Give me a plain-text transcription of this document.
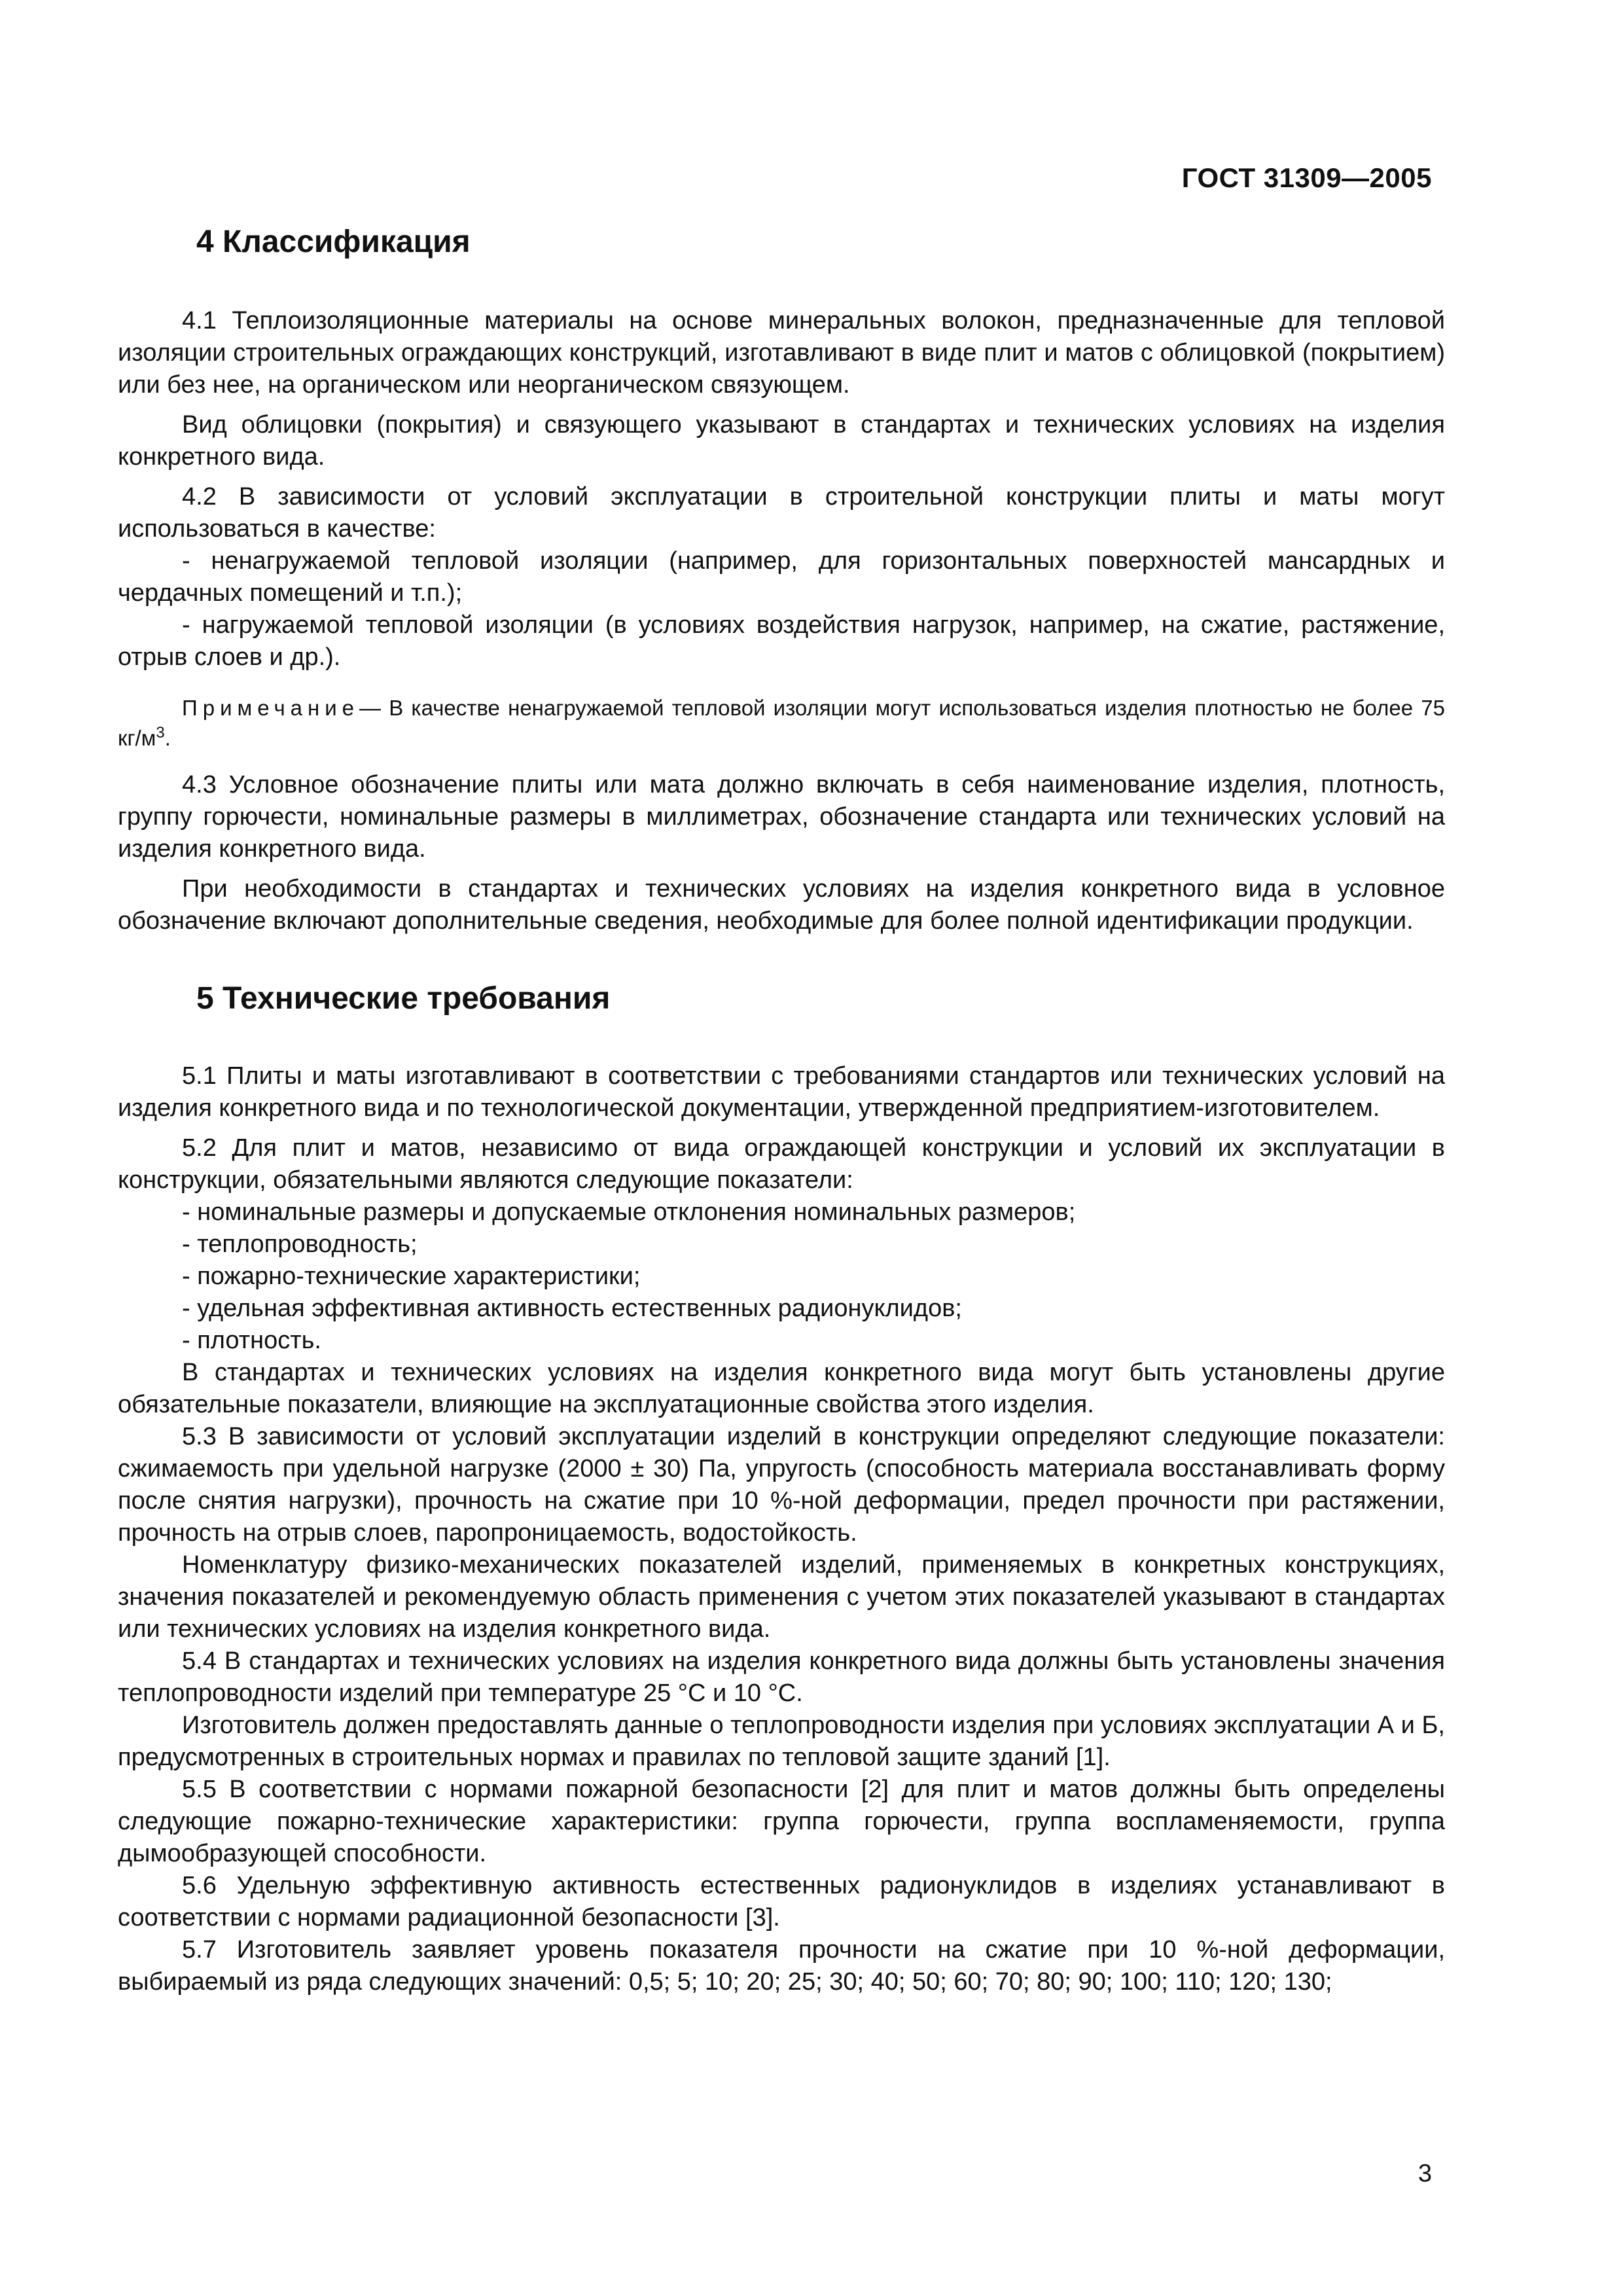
ГОСТ 31309—2005
4 Классификация

4.1 Теплоизоляционные материалы на основе минеральных волокон, предназначенные для тепловой изоляции строительных ограждающих конструкций, изготавливают в виде плит и матов с облицовкой (покрытием) или без нее, на органическом или неорганическом связующем.

Вид облицовки (покрытия) и связующего указывают в стандартах и технических условиях на изделия конкретного вида.

4.2 В зависимости от условий эксплуатации в строительной конструкции плиты и маты могут использоваться в качестве:

- ненагружаемой тепловой изоляции (например, для горизонтальных поверхностей мансардных и чердачных помещений и т.п.);

- нагружаемой тепловой изоляции (в условиях воздействия нагрузок, например, на сжатие, растяжение, отрыв слоев и др.).

Примечание— В качестве ненагружаемой тепловой изоляции могут использоваться изделия плотностью не более 75 $кг/м^3$.

4.3 Условное обозначение плиты или мата должно включать в себя наименование изделия, плотность, группу горючести, номинальные размеры в миллиметрах, обозначение стандарта или технических условий на изделия конкретного вида.

При необходимости в стандартах и технических условиях на изделия конкретного вида в условное обозначение включают дополнительные сведения, необходимые для более полной идентификации продукции.

5 Технические требования

5.1 Плиты и маты изготавливают в соответствии с требованиями стандартов или технических условий на изделия конкретного вида и по технологической документации, утвержденной предприятием-изготовителем.

5.2 Для плит и матов, независимо от вида ограждающей конструкции и условий их эксплуатации в конструкции, обязательными являются следующие показатели:

- номинальные размеры и допускаемые отклонения номинальных размеров;

- теплопроводность;

- пожарно-технические характеристики;

- удельная эффективная активность естественных радионуклидов;

- плотность.

В стандартах и технических условиях на изделия конкретного вида могут быть установлены другие обязательные показатели, влияющие на эксплуатационные свойства этого изделия.

5.3 В зависимости от условий эксплуатации изделий в конструкции определяют следующие показатели: сжимаемость при удельной нагрузке (2000 ± 30) Па, упругость (способность материала восстанавливать форму после снятия нагрузки), прочность на сжатие при 10 %-ной деформации, предел прочности при растяжении, прочность на отрыв слоев, паропроницаемость, водостойкость.

Номенклатуру физико-механических показателей изделий, применяемых в конкретных конструкциях, значения показателей и рекомендуемую область применения с учетом этих показателей указывают в стандартах или технических условиях на изделия конкретного вида.

5.4 В стандартах и технических условиях на изделия конкретного вида должны быть установлены значения теплопроводности изделий при температуре 25 °С и 10 °С.

Изготовитель должен предоставлять данные о теплопроводности изделия при условиях эксплуатации А и Б, предусмотренных в строительных нормах и правилах по тепловой защите зданий [1].

5.5 В соответствии с нормами пожарной безопасности [2] для плит и матов должны быть определены следующие пожарно-технические характеристики: группа горючести, группа воспламеняемости, группа дымообразующей способности.

5.6 Удельную эффективную активность естественных радионуклидов в изделиях устанавливают в соответствии с нормами радиационной безопасности [3].

5.7 Изготовитель заявляет уровень показателя прочности на сжатие при 10 %-ной деформации, выбираемый из ряда следующих значений: 0,5; 5; 10; 20; 25; 30; 40; 50; 60; 70; 80; 90; 100; 110; 120; 130;

3
